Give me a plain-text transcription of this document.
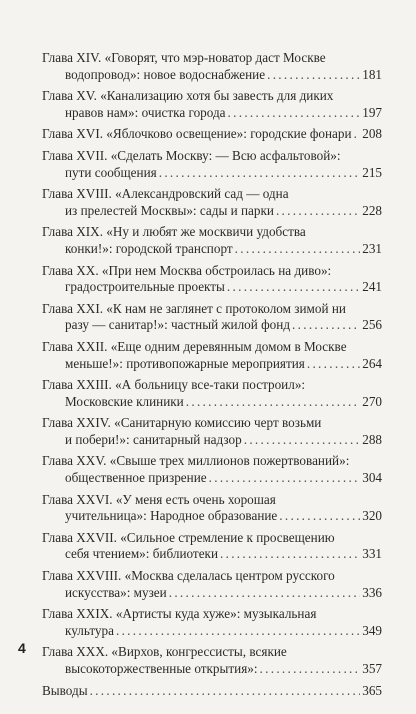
Глава XIV. «Говорят, что мэр-новатор даст Москве
водопровод»: новое водоснабжение . . .	181
Глава XV. «Канализацию хотя бы завесть для диких
нравов нам»: очистка города . . .	197
Глава XVI. «Яблочково освещение»: городские фонари . . . 208
Глава XVII. «Сделать Москву: — Всю асфальтовой»:
пути сообщения . . .	215
Глава XVIII. «Александровский сад — одна
из прелестей Москвы»: сады и парки . . .	228
Глава XIX. «Ну и любят же москвичи удобства
конки!»: городской транспорт . . .	231
Глава XX. «При нем Москва обстроилась на диво»:
градостроительные проекты . . .	241
Глава XXI. «К нам не заглянет с протоколом зимой ни
разу — санитар!»: частный жилой фонд . . .	256
Глава XXII. «Еще одним деревянным домом в Москве
меньше!»: противопожарные мероприятия . . .	264
Глава XXIII. «А больницу все-таки построил»:
Московские клиники . . .	270
Глава XXIV. «Санитарную комиссию черт возьми
и побери!»: санитарный надзор . . .	288
Глава XXV. «Свыше трех миллионов пожертвований»:
общественное призрение . . .	304
Глава XXVI. «У меня есть очень хорошая
учительница»: Народное образование . . .	320
Глава XXVII. «Сильное стремление к просвещению
себя чтением»: библиотеки . . .	331
Глава XXVIII. «Москва сделалась центром русского
искусства»: музеи . . .	336
Глава XXIX. «Артисты куда хуже»: музыкальная
культура . . .	349
Глава XXX. «Вирхов, конгрессисты, всякие
высокоторжественные открытия»: . . .	357
Выводы . . .	365
4
